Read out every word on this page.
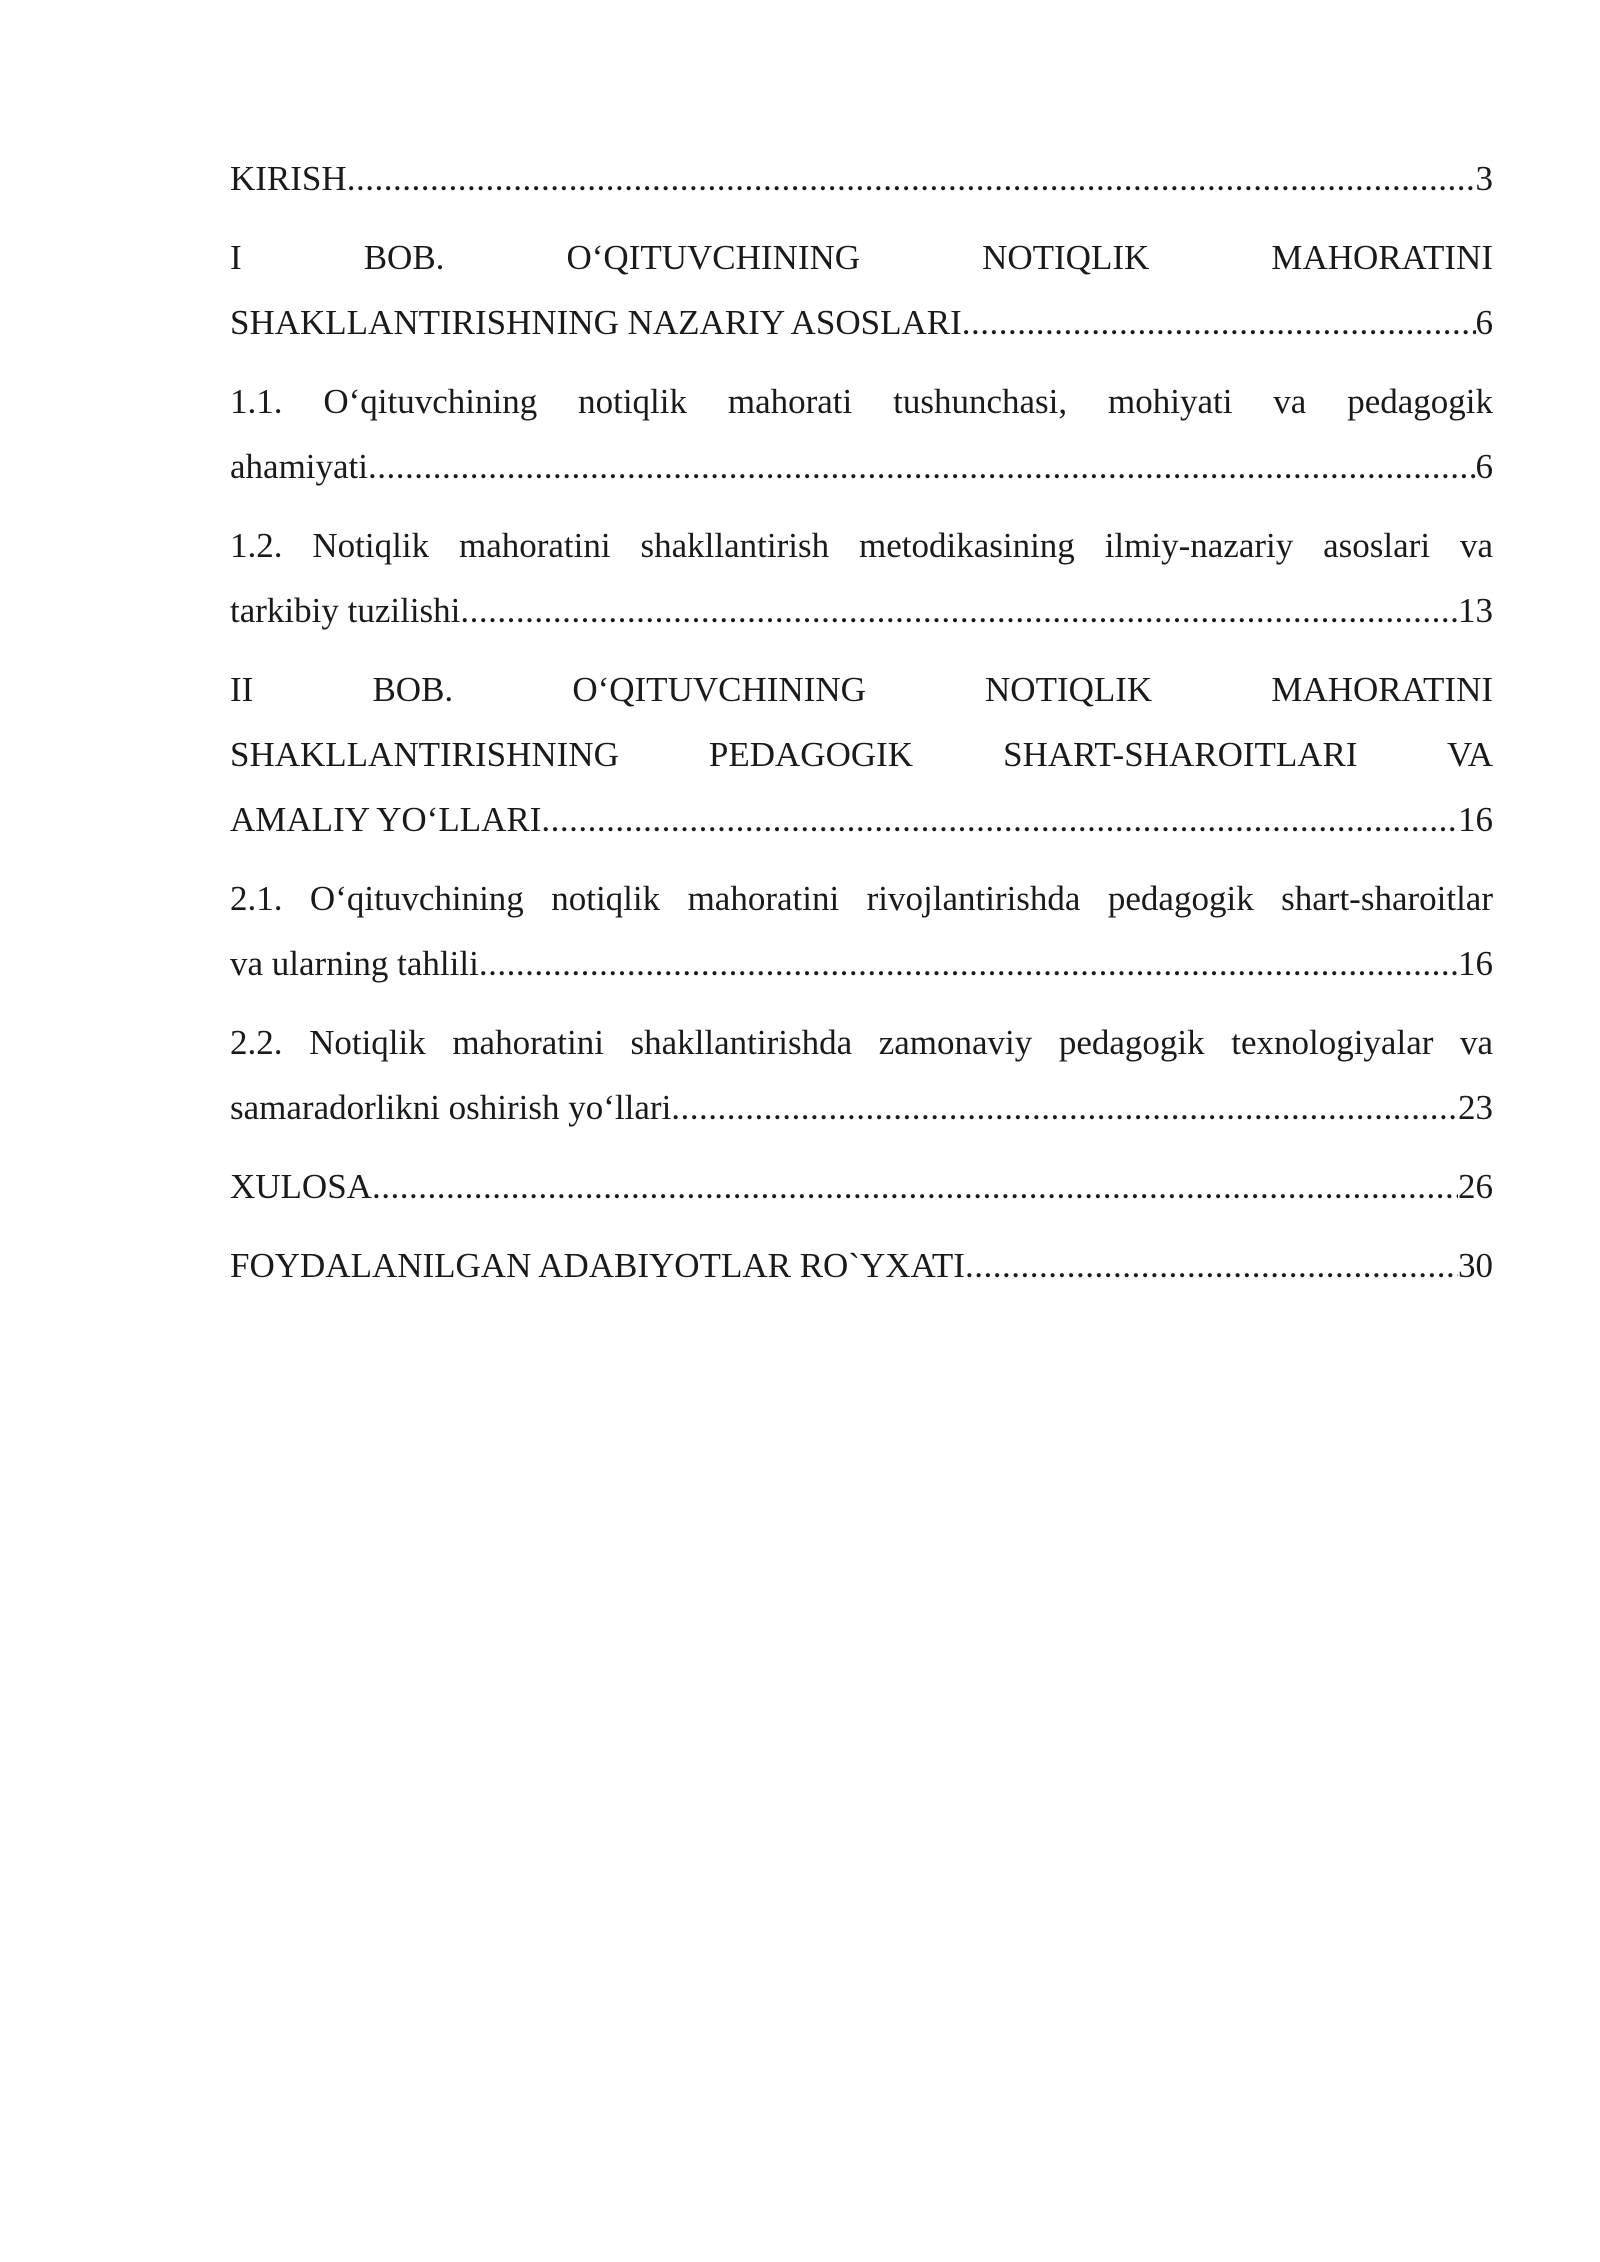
KIRISH .....	3
I BOB. O‘QITUVCHINING NOTIQLIK MAHORATINI
SHAKLLANTIRISHNING NAZARIY ASOSLARI .....	6
1.1. O‘qituvchining notiqlik mahorati tushunchasi, mohiyati va pedagogik
ahamiyati .....	6
1.2. Notiqlik mahoratini shakllantirish metodikasining ilmiy-nazariy asoslari va
tarkibiy tuzilishi .....	13
II BOB. O‘QITUVCHINING NOTIQLIK MAHORATINI
SHAKLLANTIRISHNING PEDAGOGIK SHART-SHAROITLARI VA
AMALIY YO‘LLARI .....	16
2.1. O‘qituvchining notiqlik mahoratini rivojlantirishda pedagogik shart-sharoitlar
va ularning tahlili .....	16
2.2. Notiqlik mahoratini shakllantirishda zamonaviy pedagogik texnologiyalar va
samaradorlikni oshirish yo‘llari .....	23
XULOSA .....	26
FOYDALANILGAN ADABIYOTLAR RO`YXATI .....	30
